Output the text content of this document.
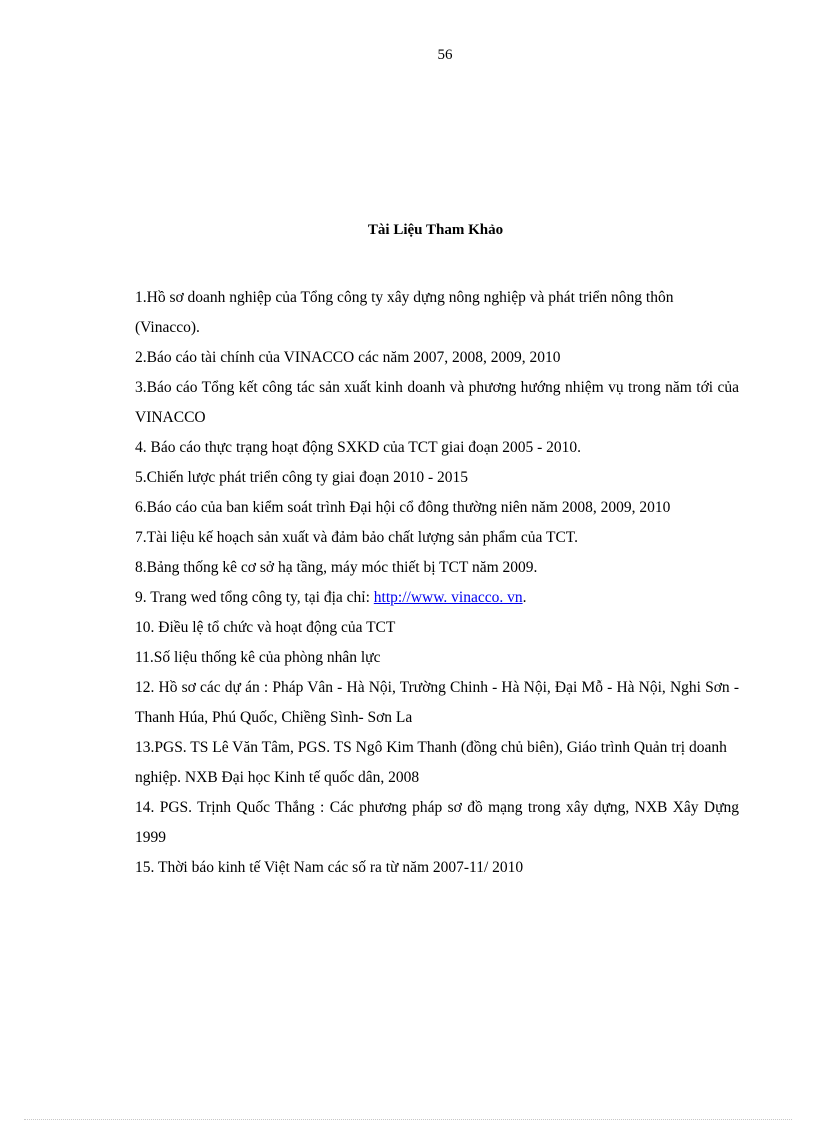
56
Tài Liệu Tham Khảo
1.Hồ sơ doanh nghiệp của Tổng công ty xây dựng nông nghiệp và phát triển nông thôn (Vinacco).
2.Báo cáo tài chính của VINACCO các năm 2007, 2008, 2009, 2010
3.Báo cáo Tổng kết công tác sản xuất kinh doanh và phương hướng nhiệm vụ trong năm tới của VINACCO
4. Báo cáo thực trạng hoạt động SXKD của TCT giai đoạn 2005 - 2010.
5.Chiến lược phát triển công ty giai đoạn 2010 - 2015
6.Báo cáo của ban kiểm soát trình Đại hội cổ đông thường niên năm 2008, 2009, 2010
7.Tài liệu kế hoạch sản xuất và đảm bảo chất lượng sản phẩm của TCT.
8.Bảng thống kê cơ sở hạ tầng, máy móc thiết bị TCT năm 2009.
9. Trang wed tổng công ty, tại địa chỉ: http://www. vinacco. vn.
10. Điều lệ tổ chức và hoạt động của TCT
11.Số liệu thống kê của phòng nhân lực
12. Hồ sơ các dự án : Pháp Vân - Hà Nội, Trường Chinh - Hà Nội, Đại Mỗ - Hà Nội, Nghi Sơn - Thanh Húa, Phú Quốc, Chiềng Sình- Sơn La
13.PGS. TS Lê Văn Tâm, PGS. TS Ngô Kim Thanh (đồng chủ biên), Giáo trình Quản trị doanh nghiệp. NXB Đại học Kinh tế quốc dân, 2008
14. PGS. Trịnh Quốc Thắng : Các phương pháp sơ đồ mạng trong xây dựng, NXB Xây Dựng 1999
15. Thời báo kinh tế Việt Nam các số ra từ năm 2007-11/ 2010
